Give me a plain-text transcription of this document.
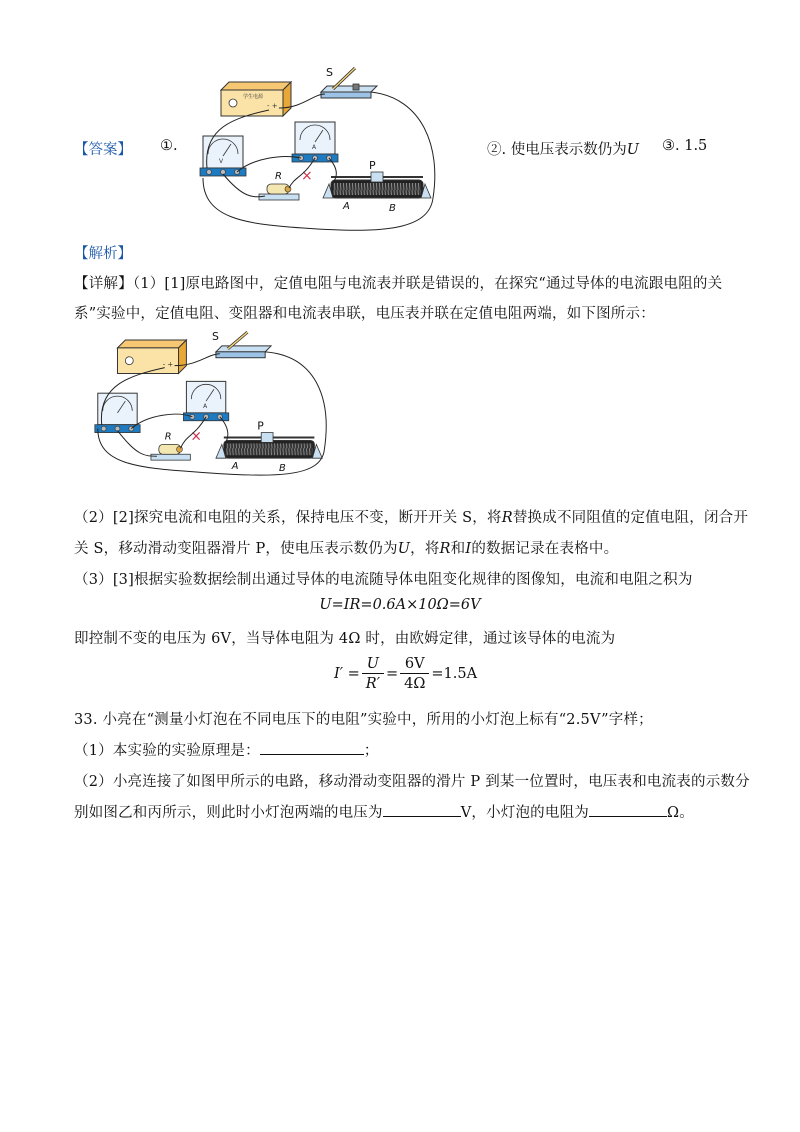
【答案】 ①.
学生电源
- +
S
V
A
R
P
A	B
×
②. 使电压表示数仍为U ③. 1.5
【解析】
【详解】（1）[1]原电路图中，定值电阻与电流表并联是错误的，在探究“通过导体的电流跟电阻的关
系”实验中，定值电阻、变阻器和电流表串联，电压表并联在定值电阻两端，如下图所示：
- +
S
A
R
P
A	B
×
（2）[2]探究电流和电阻的关系，保持电压不变，断开开关 S，将R替换成不同阻值的定值电阻，闭合开
关 S，移动滑动变阻器滑片 P，使电压表示数仍为U，将R和I的数据记录在表格中。
（3）[3]根据实验数据绘制出通过导体的电流随导体电阻变化规律的图像知，电流和电阻之积为
U=IR=0.6A×10Ω=6V
即控制不变的电压为 6V，当导体电阻为 4Ω 时，由欧姆定律，通过该导体的电流为
$I' = \frac{U}{R'} = \frac{6V}{4\Omega} =1.5A$
33. 小亮在“测量小灯泡在不同电压下的电阻”实验中，所用的小灯泡上标有“2.5V”字样；
（1）本实验的实验原理是：	；
（2）小亮连接了如图甲所示的电路，移动滑动变阻器的滑片 P 到某一位置时，电压表和电流表的示数分
别如图乙和丙所示，则此时小灯泡两端的电压为	V，小灯泡的电阻为	Ω。
